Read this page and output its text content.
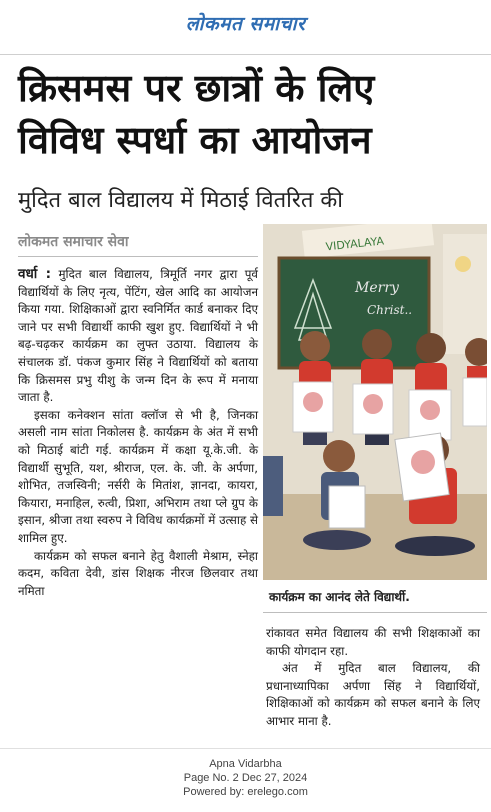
लोकमत समाचार
क्रिसमस पर छात्रों के लिए
विविध स्पर्धा का आयोजन
मुदित बाल विद्यालय में मिठाई वितरित की
लोकमत समाचार सेवा

वर्धा : मुदित बाल विद्यालय, त्रिमूर्ति नगर द्वारा पूर्व विद्यार्थियों के लिए नृत्य, पेंटिंग, खेल आदि का आयोजन किया गया. शिक्षिकाओं द्वारा स्वनिर्मित कार्ड बनाकर दिए जाने पर सभी विद्यार्थी काफी खुश हुए. विद्यार्थियों ने भी बढ़-चढ़कर कार्यक्रम का लुफ्त उठाया. विद्यालय के संचालक डॉ. पंकज कुमार सिंह ने विद्यार्थियों को बताया कि क्रिसमस प्रभु यीशु के जन्म दिन के रूप में मनाया जाता है.

इसका कनेक्शन सांता क्लॉज से भी है, जिनका असली नाम सांता निकोलस है. कार्यक्रम के अंत में सभी को मिठाई बांटी गई. कार्यक्रम में कक्षा यू.के.जी. के विद्यार्थी सुभूति, यश, श्रीराज, एल. के. जी. के अर्पणा, शोभित, तजस्विनी; नर्सरी के मितांश, ज्ञानदा, कायरा, कियारा, मनाहिल, रुत्वी, प्रिशा, अभिराम तथा प्ले ग्रुप के इसान, श्रीजा तथा स्वरुप ने विविध कार्यक्रमों में उत्साह से शामिल हुए.

कार्यक्रम को सफल बनाने हेतु वैशाली मेश्राम, स्नेहा कदम, कविता देवी, डांस शिक्षक नीरज छिलवार तथा नमिता

VIDYALAYA
Merry
Christ..
कार्यक्रम का आनंद लेते विद्यार्थी.

रांकावत समेत विद्यालय की सभी शिक्षकाओं का काफी योगदान रहा.

अंत में मुदित बाल विद्यालय, की प्रधानाध्यापिका अर्पणा सिंह ने विद्यार्थियों, शिक्षिकाओं को कार्यक्रम को सफल बनाने के लिए आभार माना है.

Apna Vidarbha
Page No. 2 Dec 27, 2024
Powered by: erelego.com
